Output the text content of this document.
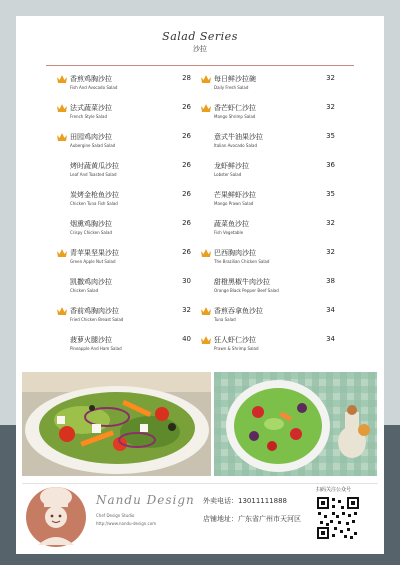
Salad Series
沙拉
香煎鸡胸沙拉
Fish And Avocado Salad
28
法式蔬菜沙拉
French Style Salad
26
田园鸡肉沙拉
Aubergine Salad Salad
26
烤时蔬黄瓜沙拉
Leaf And Toasted Salad
26
炭烤金枪鱼沙拉
Chicken Tuna Fish Salad
26
烟熏鸡胸沙拉
Crispy Chicken Salad
26
青苹果坚果沙拉
Green Apple Nut Salad
26
凯撒鸡肉沙拉
Chicken Salad
30
香前鸡胸肉沙拉
Fried Chicken Breast Salad
32
菠萝火腿沙拉
Pineapple And Ham Salad
40
每日鲜沙拉碗
Daily Fresh Salad
32
香芒虾仁沙拉
Mango Shrimp Salad
32
意式牛油果沙拉
Italian Avocado Salad
35
龙虾鲜沙拉
Lobster Salad
36
芒果鲜虾沙拉
Mango Prawn Salad
35
蔬菜鱼沙拉
Fish Vegetable
32
巴西胸肉沙拉
The Brazilian Chicken Salad
32
甜橙黑椒牛肉沙拉
Orange Black Pepper Beef Salad
38
香煎吞拿鱼沙拉
Tuna Salad
34
狂人虾仁沙拉
Prawn & Shrimp Salad
34
Nandu Design
Chef Design Studio
http://www.nandu-design.com
外卖电话：13011111888
店铺地址：广东省广州市天河区
扫码关注公众号
